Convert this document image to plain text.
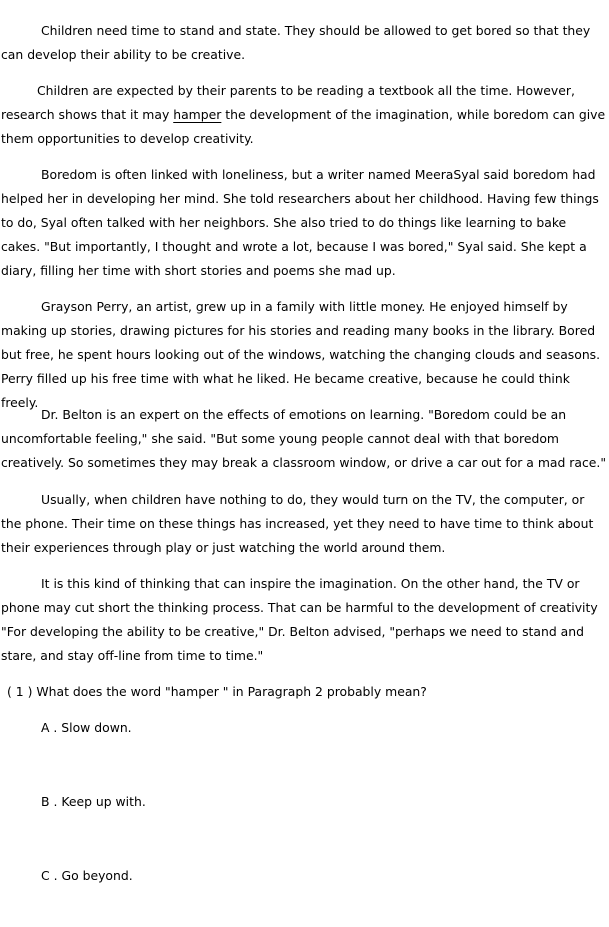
Children need time to stand and state. They should be allowed to get bored so that they can develop their ability to be creative.

Children are expected by their parents to be reading a textbook all the time. However, research shows that it may hamper the development of the imagination, while boredom can give them opportunities to develop creativity.

Boredom is often linked with loneliness, but a writer named MeeraSyal said boredom had helped her in developing her mind. She told researchers about her childhood. Having few things to do, Syal often talked with her neighbors. She also tried to do things like learning to bake cakes. "But importantly, I thought and wrote a lot, because I was bored," Syal said. She kept a diary, filling her time with short stories and poems she mad up.

Grayson Perry, an artist, grew up in a family with little money. He enjoyed himself by making up stories, drawing pictures for his stories and reading many books in the library. Bored but free, he spent hours looking out of the windows, watching the changing clouds and seasons. Perry filled up his free time with what he liked. He became creative, because he could think freely.

Dr. Belton is an expert on the effects of emotions on learning. "Boredom could be an uncomfortable feeling," she said. "But some young people cannot deal with that boredom creatively. So sometimes they may break a classroom window, or drive a car out for a mad race."

Usually, when children have nothing to do, they would turn on the TV, the computer, or the phone. Their time on these things has increased, yet they need to have time to think about their experiences through play or just watching the world around them.

It is this kind of thinking that can inspire the imagination. On the other hand, the TV or phone may cut short the thinking process. That can be harmful to the development of creativity "For developing the ability to be creative," Dr. Belton advised, "perhaps we need to stand and stare, and stay off-line from time to time."

( 1 ) What does the word "hamper " in Paragraph 2 probably mean?
A . Slow down.
B . Keep up with.
C . Go beyond.
